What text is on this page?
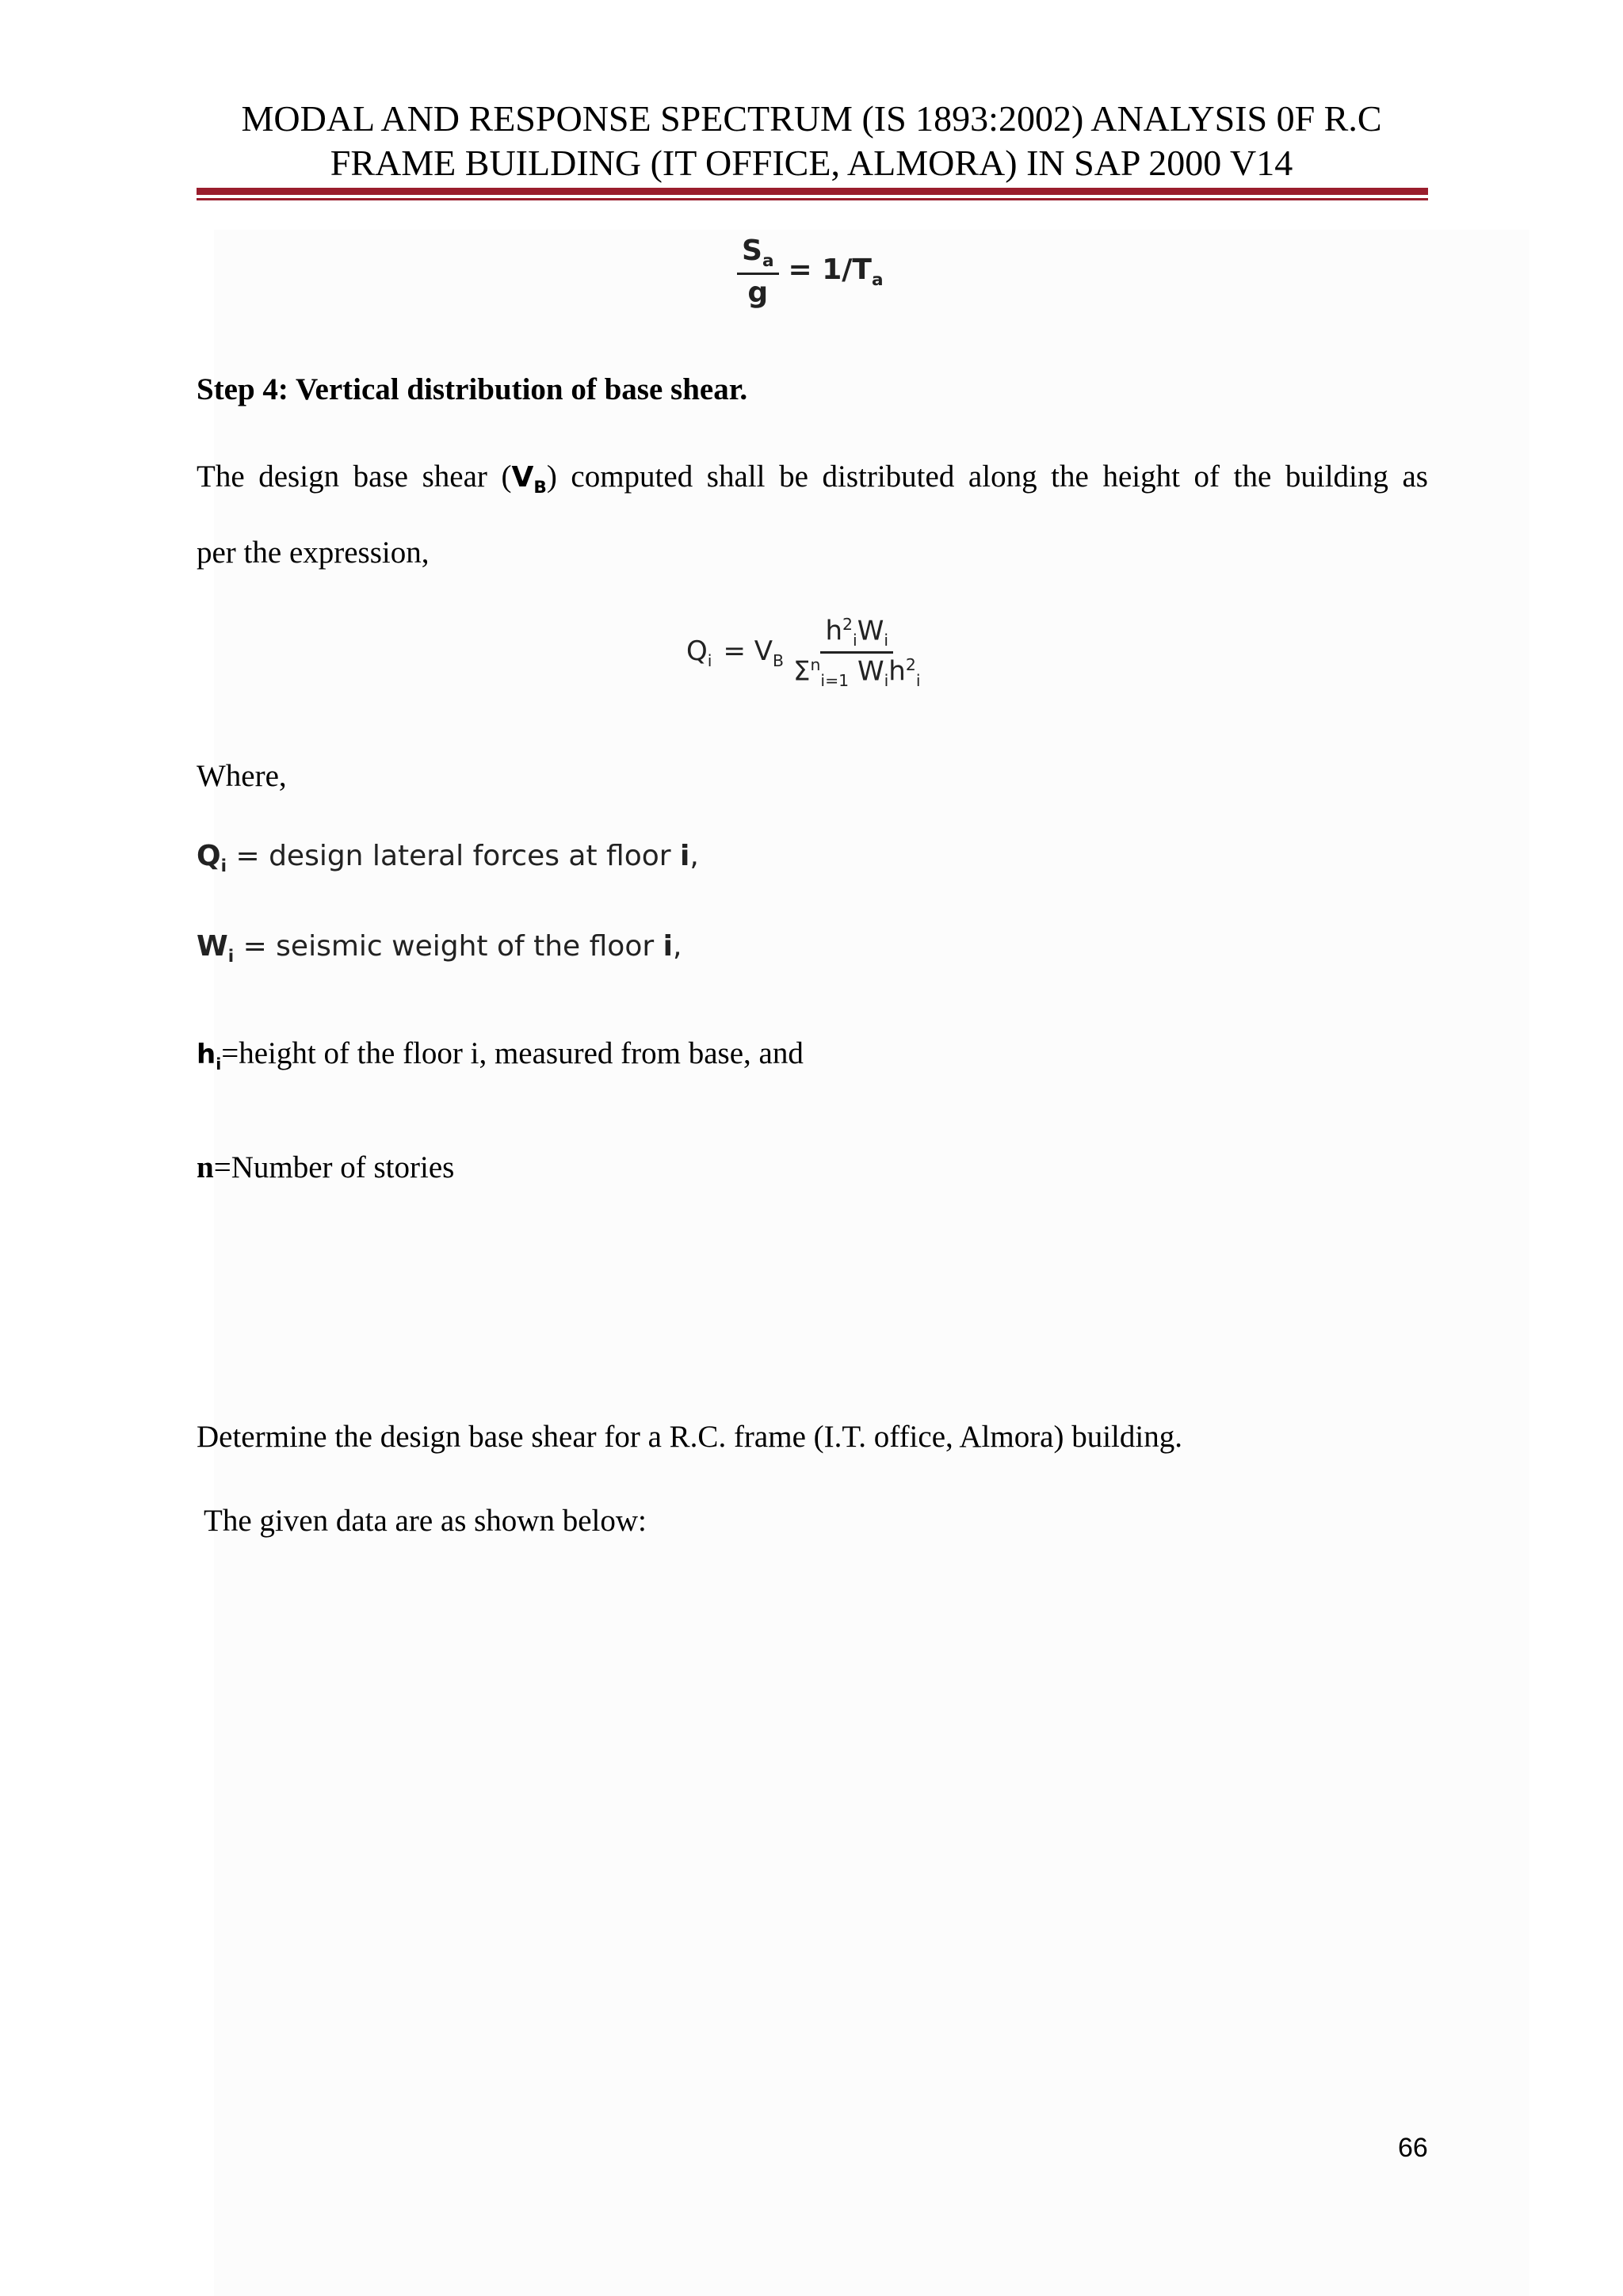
MODAL AND RESPONSE SPECTRUM (IS 1893:2002) ANALYSIS 0F R.C
FRAME BUILDING (IT OFFICE, ALMORA) IN SAP 2000 V14
$\frac{S_a}{g} = 1/T_a$
Step 4: Vertical distribution of base shear.
The design base shear $(V_B)$ computed shall be distributed along the height of the building as
per the expression,
$Q_i = V_B \frac{h^2_iW_i}{\Sigma^n_{i=1} W_ih^2_i}$
Where,
$Q_i$ = design lateral forces at floor i,
$W_i$ = seismic weight of the floor i,
$h_i=height$ of the floor i, measured from base, and
n=Number of stories
Determine the design base shear for a R.C. frame (I.T. office, Almora) building.
The given data are as shown below:
66
